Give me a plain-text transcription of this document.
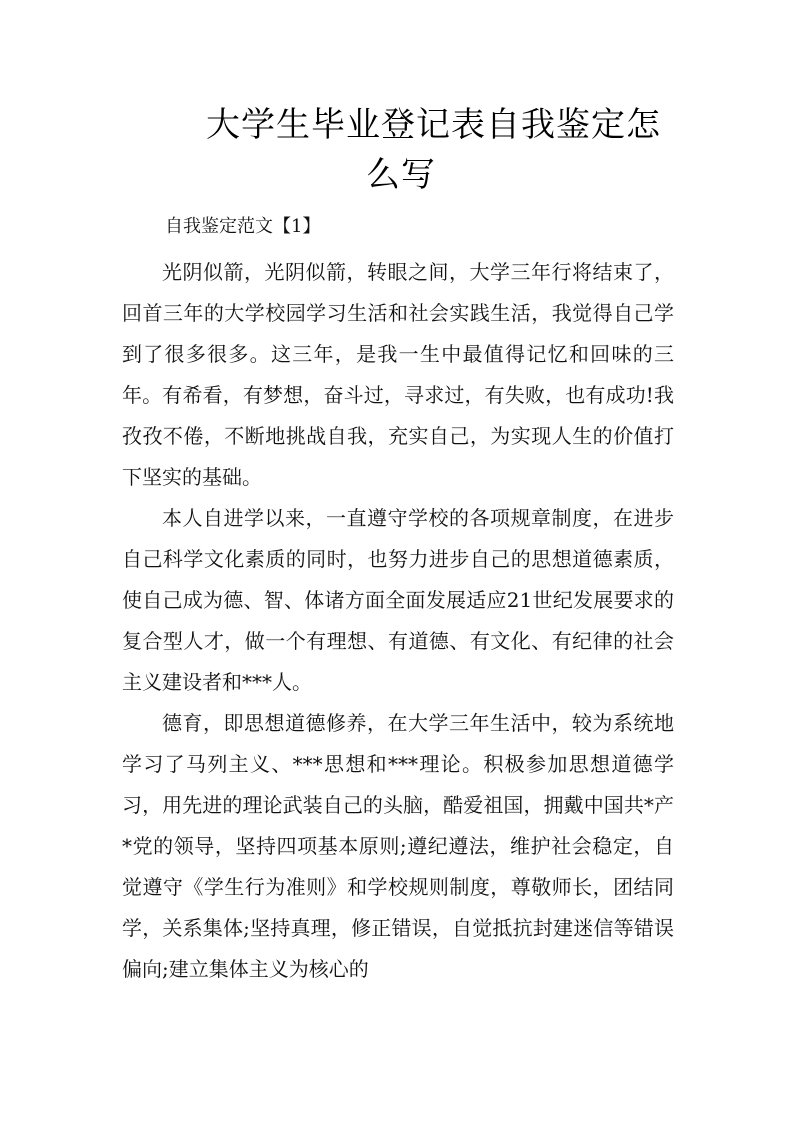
大学生毕业登记表自我鉴定怎
么写
自我鉴定范文【1】

光阴似箭，光阴似箭，转眼之间，大学三年行将结束了，回首三年的大学校园学习生活和社会实践生活，我觉得自己学到了很多很多。这三年，是我一生中最值得记忆和回味的三年。有希看，有梦想，奋斗过，寻求过，有失败，也有成功!我孜孜不倦，不断地挑战自我，充实自己，为实现人生的价值打下坚实的基础。

本人自进学以来，一直遵守学校的各项规章制度，在进步自己科学文化素质的同时，也努力进步自己的思想道德素质，使自己成为德、智、体诸方面全面发展适应21世纪发展要求的复合型人才，做一个有理想、有道德、有文化、有纪律的社会主义建设者和***人。

德育，即思想道德修养，在大学三年生活中，较为系统地学习了马列主义、***思想和***理论。积极参加思想道德学习，用先进的理论武装自己的头脑，酷爱祖国，拥戴中国共*产*党的领导，坚持四项基本原则;遵纪遵法，维护社会稳定，自觉遵守《学生行为准则》和学校规则制度，尊敬师长，团结同学，关系集体;坚持真理，修正错误，自觉抵抗封建迷信等错误偏向;建立集体主义为核心的
